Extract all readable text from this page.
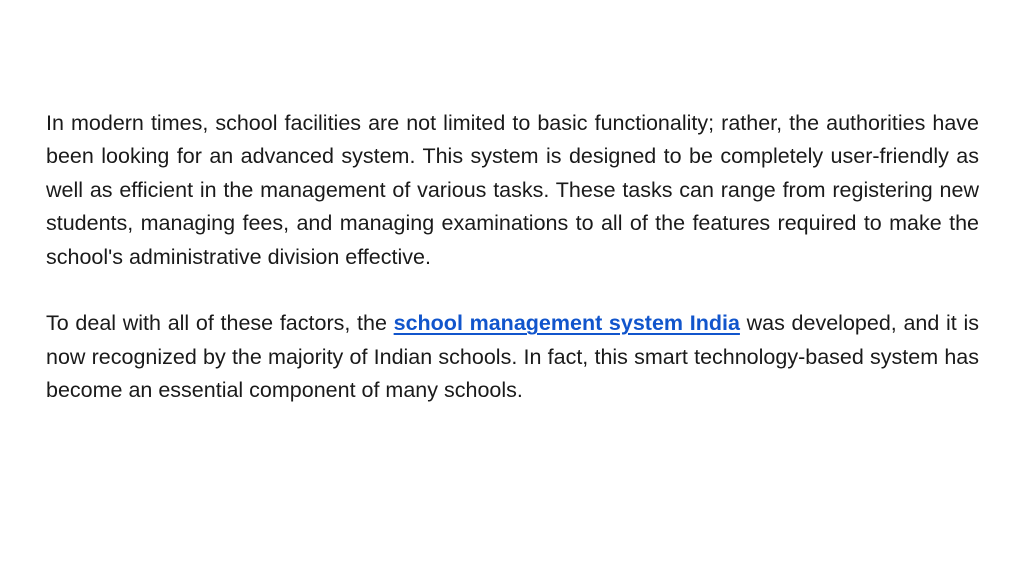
In modern times, school facilities are not limited to basic functionality; rather, the authorities have been looking for an advanced system. This system is designed to be completely user-friendly as well as efficient in the management of various tasks. These tasks can range from registering new students, managing fees, and managing examinations to all of the features required to make the school's administrative division effective.

To deal with all of these factors, the school management system India was developed, and it is now recognized by the majority of Indian schools. In fact, this smart technology-based system has become an essential component of many schools.
